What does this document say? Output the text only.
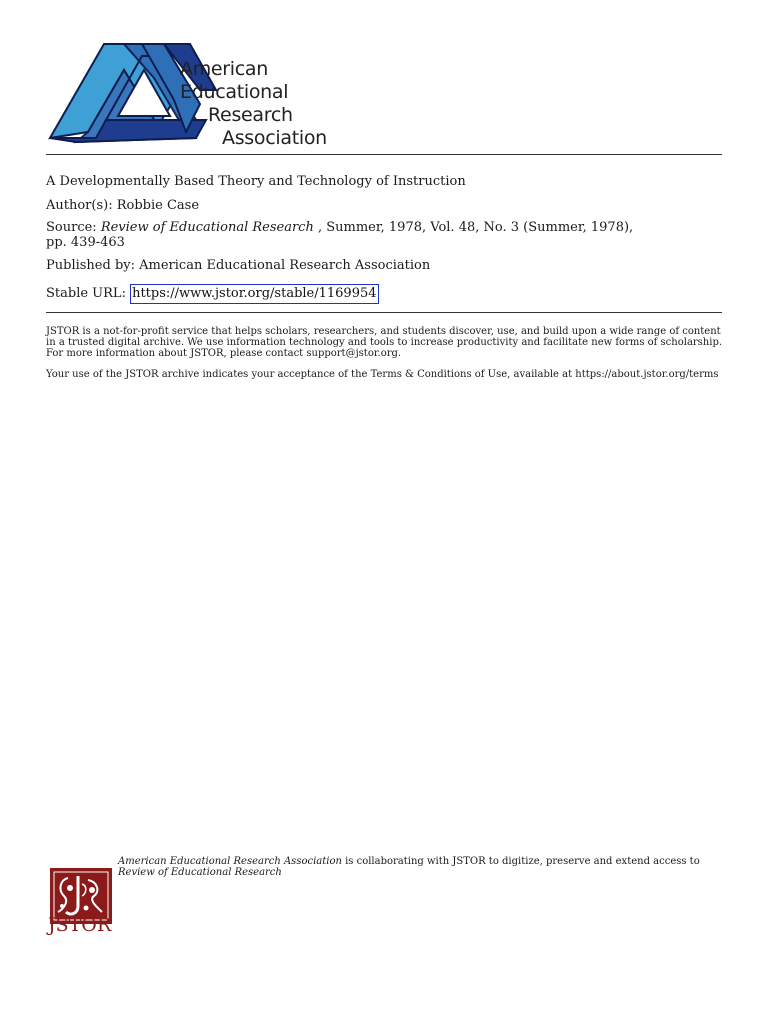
American
Educational
Research
Association
A Developmentally Based Theory and Technology of Instruction
Author(s): Robbie Case
Source: Review of Educational Research , Summer, 1978, Vol. 48, No. 3 (Summer, 1978),
pp. 439-463
Published by: American Educational Research Association
Stable URL: https://www.jstor.org/stable/1169954
JSTOR is a not-for-profit service that helps scholars, researchers, and students discover, use, and build upon a wide range of content in a trusted digital archive. We use information technology and tools to increase productivity and facilitate new forms of scholarship. For more information about JSTOR, please contact support@jstor.org.
Your use of the JSTOR archive indicates your acceptance of the Terms & Conditions of Use, available at https://about.jstor.org/terms
JSTOR
American Educational Research Association is collaborating with JSTOR to digitize, preserve and extend access to Review of Educational Research
